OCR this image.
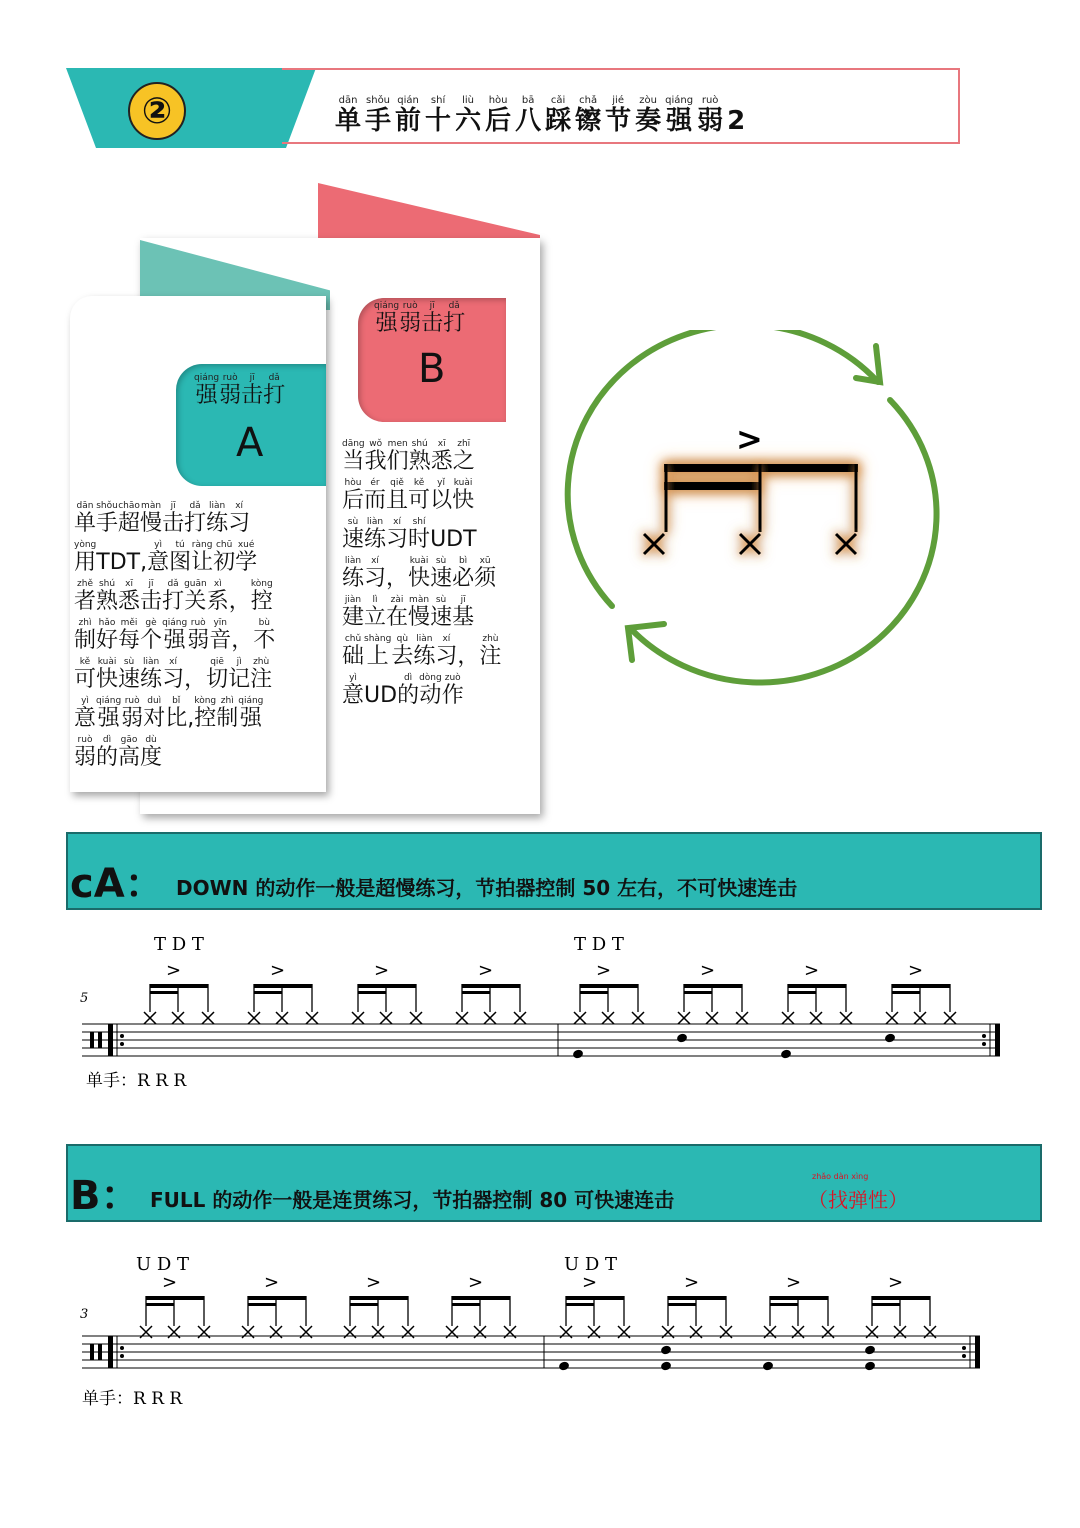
②	dān
单
shǒu
手
qián
前
shí
十
liù
六
hòu
后
bā
八
cǎi
踩
chǎ
镲
jié
节
zòu
奏
qiáng
强
ruò
弱
2
qiáng
强
ruò
弱
jī
击
dǎ
打
B
qiáng
强
ruò
弱
jī
击
dǎ
打
A
dān
单
shǒu
手
chāo
超
màn
慢
jī
击
dǎ
打
liàn
练
xí
习
yòng
用
TDT,
yì
意
tú
图
ràng
让
chū
初
xué
学
zhě
者
shú
熟
xī
悉
jī
击
dǎ
打
guān
关
xì
系
，
kòng
控
zhì
制
hǎo
好
měi
每
gè
个
qiáng
强
ruò
弱
yīn
音
，
bù
不
kě
可
kuài
快
sù
速
liàn
练
xí
习
，
qiē
切
jì
记
zhù
注
yì
意
qiáng
强
ruò
弱
duì
对
bǐ
比
,
kòng
控
zhì
制
qiáng
强
ruò
弱
dì
的
gāo
高
dù
度
dāng
当
wǒ
我
men
们
shú
熟
xī
悉
zhī
之
hòu
后
ér
而
qiě
且
kě
可
yǐ
以
kuài
快
sù
速
liàn
练
xí
习
shí
时
UDT
liàn
练
xí
习
，
kuài
快
sù
速
bì
必
xū
须
jiàn
建
lì
立
zài
在
màn
慢
sù
速
jī
基
chǔ
础
shàng
上
qù
去
liàn
练
xí
习
，
zhù
注
yì
意
UD
dì
的
dòng
动
zuò
作
>
cA： DOWN 的动作一般是超慢练习，节拍器控制 50 左右，不可快速连击
T D T	T D T
5
单手：R R R
>	>	>	>	>	>	>	>
B： FULL 的动作一般是连贯练习，节拍器控制 80 可快速连击
zhǎo dàn xìng
（找弹性）
U D T	U D T
3
单手：R R R
>	>	>	>	>	>	>	>
